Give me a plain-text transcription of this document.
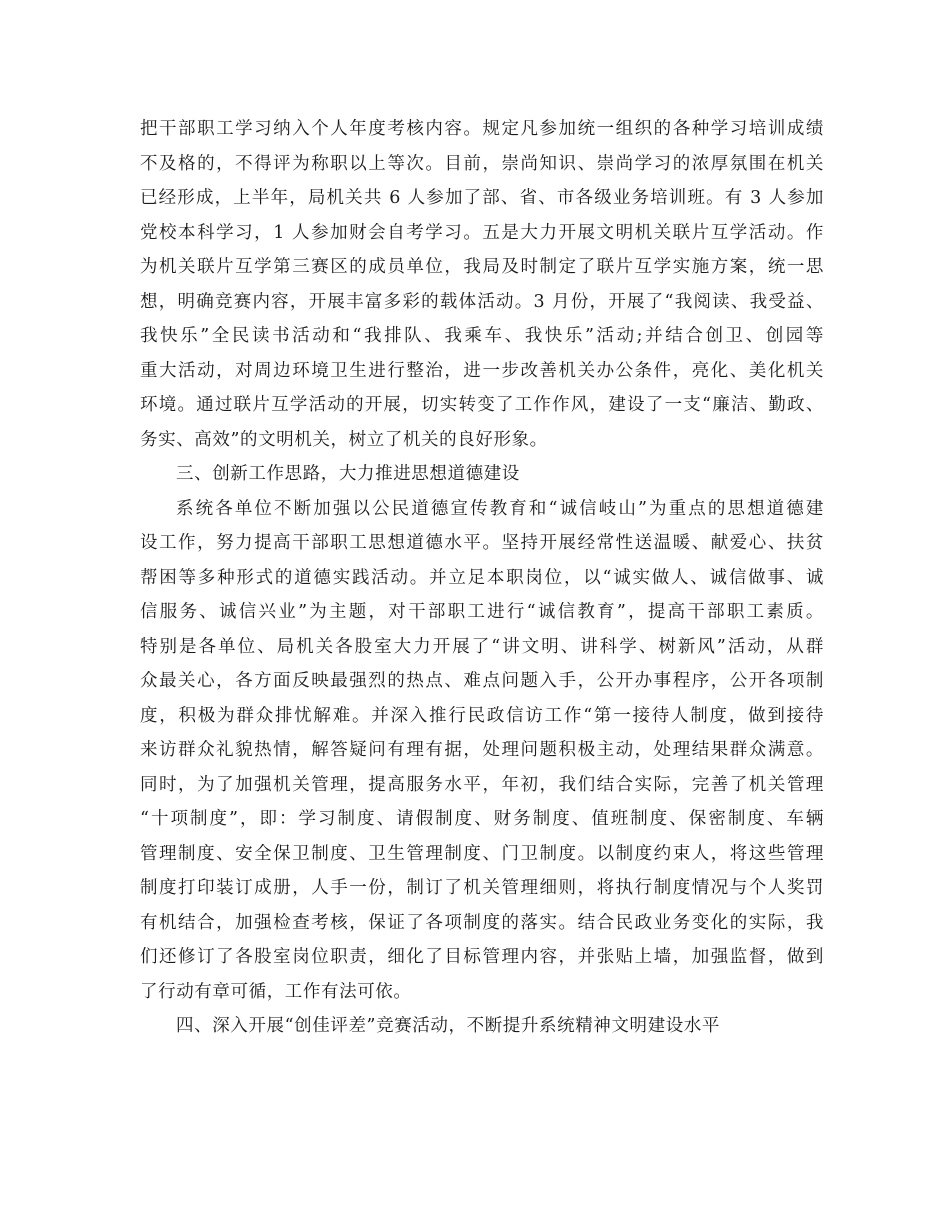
把干部职工学习纳入个人年度考核内容。规定凡参加统一组织的各种学习培训成绩
不及格的，不得评为称职以上等次。目前，崇尚知识、崇尚学习的浓厚氛围在机关
已经形成，上半年，局机关共 6 人参加了部、省、市各级业务培训班。有 3 人参加
党校本科学习，1 人参加财会自考学习。五是大力开展文明机关联片互学活动。作
为机关联片互学第三赛区的成员单位，我局及时制定了联片互学实施方案，统一思
想，明确竞赛内容，开展丰富多彩的载体活动。3 月份，开展了“我阅读、我受益、
我快乐”全民读书活动和“我排队、我乘车、我快乐”活动;并结合创卫、创园等
重大活动，对周边环境卫生进行整治，进一步改善机关办公条件，亮化、美化机关
环境。通过联片互学活动的开展，切实转变了工作作风，建设了一支“廉洁、勤政、
务实、高效”的文明机关，树立了机关的良好形象。
三、创新工作思路，大力推进思想道德建设
系统各单位不断加强以公民道德宣传教育和“诚信岐山”为重点的思想道德建
设工作，努力提高干部职工思想道德水平。坚持开展经常性送温暖、献爱心、扶贫
帮困等多种形式的道德实践活动。并立足本职岗位，以“诚实做人、诚信做事、诚
信服务、诚信兴业”为主题，对干部职工进行“诚信教育”，提高干部职工素质。
特别是各单位、局机关各股室大力开展了“讲文明、讲科学、树新风”活动，从群
众最关心，各方面反映最强烈的热点、难点问题入手，公开办事程序，公开各项制
度，积极为群众排忧解难。并深入推行民政信访工作“第一接待人制度，做到接待
来访群众礼貌热情，解答疑问有理有据，处理问题积极主动，处理结果群众满意。
同时，为了加强机关管理，提高服务水平，年初，我们结合实际，完善了机关管理
“十项制度”，即：学习制度、请假制度、财务制度、值班制度、保密制度、车辆
管理制度、安全保卫制度、卫生管理制度、门卫制度。以制度约束人，将这些管理
制度打印装订成册，人手一份，制订了机关管理细则，将执行制度情况与个人奖罚
有机结合，加强检查考核，保证了各项制度的落实。结合民政业务变化的实际，我
们还修订了各股室岗位职责，细化了目标管理内容，并张贴上墙，加强监督，做到
了行动有章可循，工作有法可依。
四、深入开展“创佳评差”竞赛活动，不断提升系统精神文明建设水平
